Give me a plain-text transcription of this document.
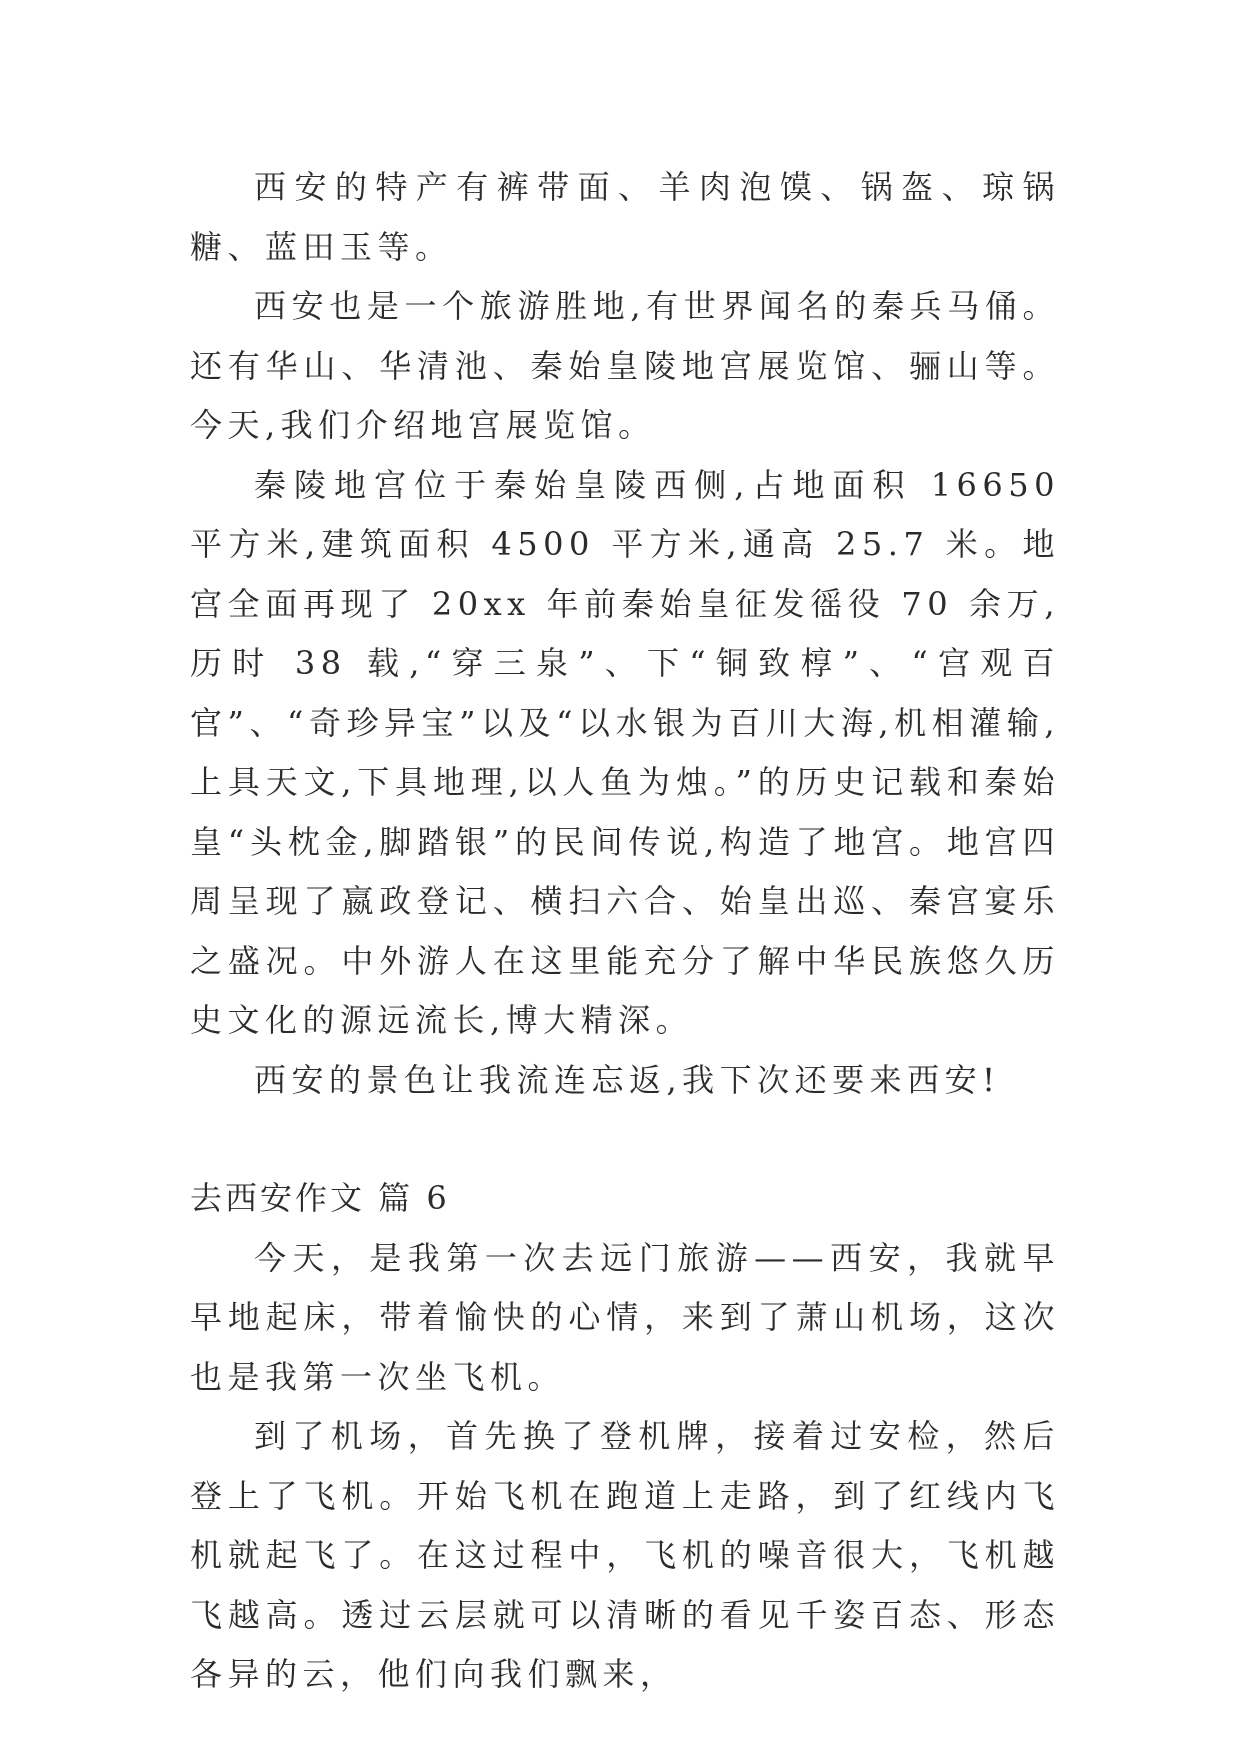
西安的特产有裤带面、羊肉泡馍、锅盔、琼锅糖、蓝田玉等。

西安也是一个旅游胜地,有世界闻名的秦兵马俑。还有华山、华清池、秦始皇陵地宫展览馆、骊山等。今天,我们介绍地宫展览馆。

秦陵地宫位于秦始皇陵西侧,占地面积 16650 平方米,建筑面积 4500 平方米,通高 25.7 米。地宫全面再现了 20xx 年前秦始皇征发徭役 70 余万,历时 38 载,“穿三泉”、下“铜致椁”、“宫观百官”、“奇珍异宝”以及“以水银为百川大海,机相灌输,上具天文,下具地理,以人鱼为烛。”的历史记载和秦始皇“头枕金,脚踏银”的民间传说,构造了地宫。地宫四周呈现了嬴政登记、横扫六合、始皇出巡、秦宫宴乐之盛况。中外游人在这里能充分了解中华民族悠久历史文化的源远流长,博大精深。

西安的景色让我流连忘返,我下次还要来西安!

去西安作文 篇 6

今天，是我第一次去远门旅游——西安，我就早早地起床，带着愉快的心情，来到了萧山机场，这次也是我第一次坐飞机。

到了机场，首先换了登机牌，接着过安检，然后登上了飞机。开始飞机在跑道上走路，到了红线内飞机就起飞了。在这过程中，飞机的噪音很大，飞机越飞越高。透过云层就可以清晰的看见千姿百态、形态各异的云，他们向我们飘来，
